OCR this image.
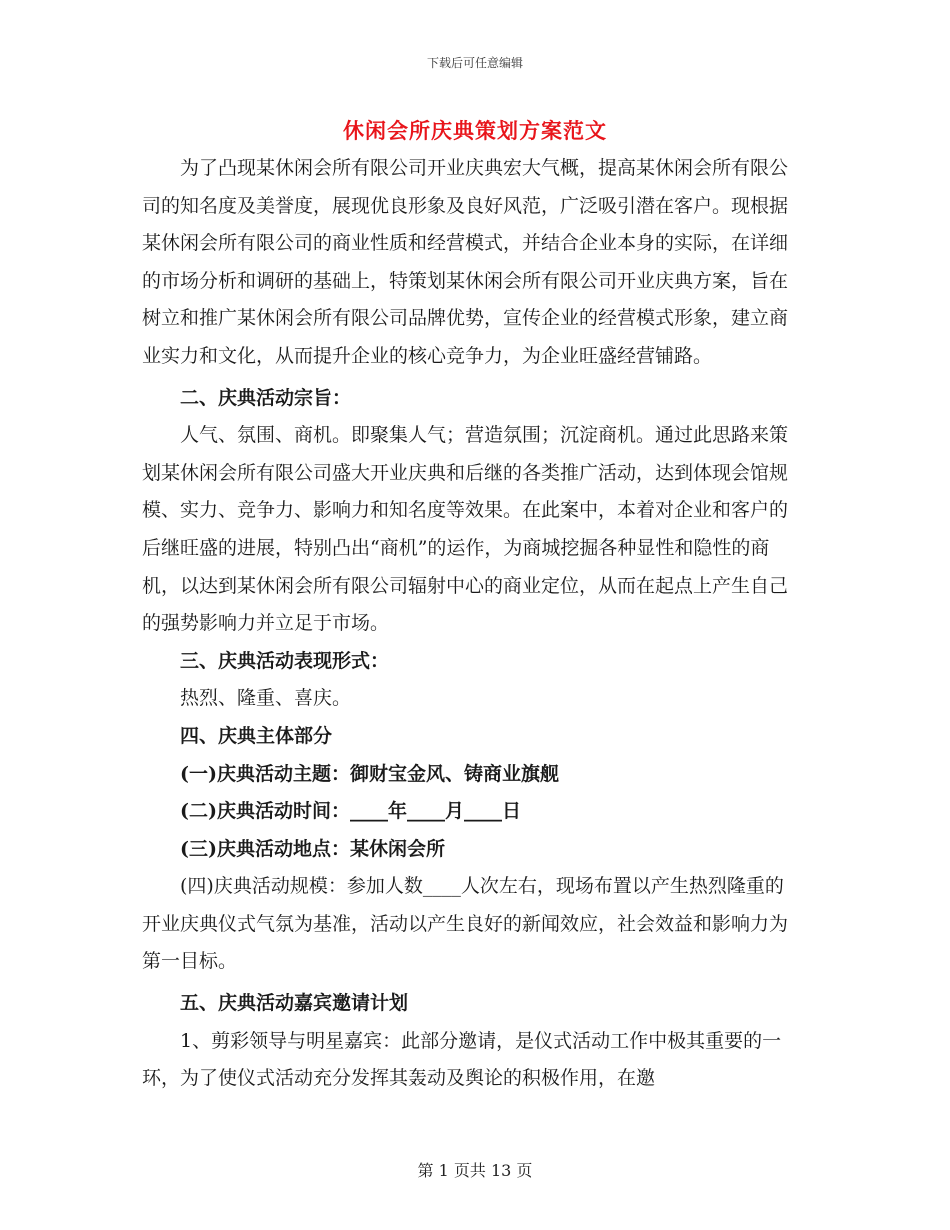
下载后可任意编辑
休闲会所庆典策划方案范文

为了凸现某休闲会所有限公司开业庆典宏大气概，提高某休闲会所有限公司的知名度及美誉度，展现优良形象及良好风范，广泛吸引潜在客户。现根据某休闲会所有限公司的商业性质和经营模式，并结合企业本身的实际，在详细的市场分析和调研的基础上，特策划某休闲会所有限公司开业庆典方案，旨在树立和推广某休闲会所有限公司品牌优势，宣传企业的经营模式形象，建立商业实力和文化，从而提升企业的核心竞争力，为企业旺盛经营铺路。

二、庆典活动宗旨：

人气、氛围、商机。即聚集人气；营造氛围；沉淀商机。通过此思路来策划某休闲会所有限公司盛大开业庆典和后继的各类推广活动，达到体现会馆规模、实力、竞争力、影响力和知名度等效果。在此案中，本着对企业和客户的后继旺盛的进展，特别凸出“商机”的运作，为商城挖掘各种显性和隐性的商机，以达到某休闲会所有限公司辐射中心的商业定位，从而在起点上产生自己的强势影响力并立足于市场。

三、庆典活动表现形式：

热烈、隆重、喜庆。

四、庆典主体部分

(一)庆典活动主题：御财宝金风、铸商业旗舰

(二)庆典活动时间：____年____月____日

(三)庆典活动地点：某休闲会所

(四)庆典活动规模：参加人数____人次左右，现场布置以产生热烈隆重的开业庆典仪式气氛为基准，活动以产生良好的新闻效应，社会效益和影响力为第一目标。

五、庆典活动嘉宾邀请计划

1、剪彩领导与明星嘉宾：此部分邀请，是仪式活动工作中极其重要的一环，为了使仪式活动充分发挥其轰动及舆论的积极作用，在邀

第 1 页共 13 页
